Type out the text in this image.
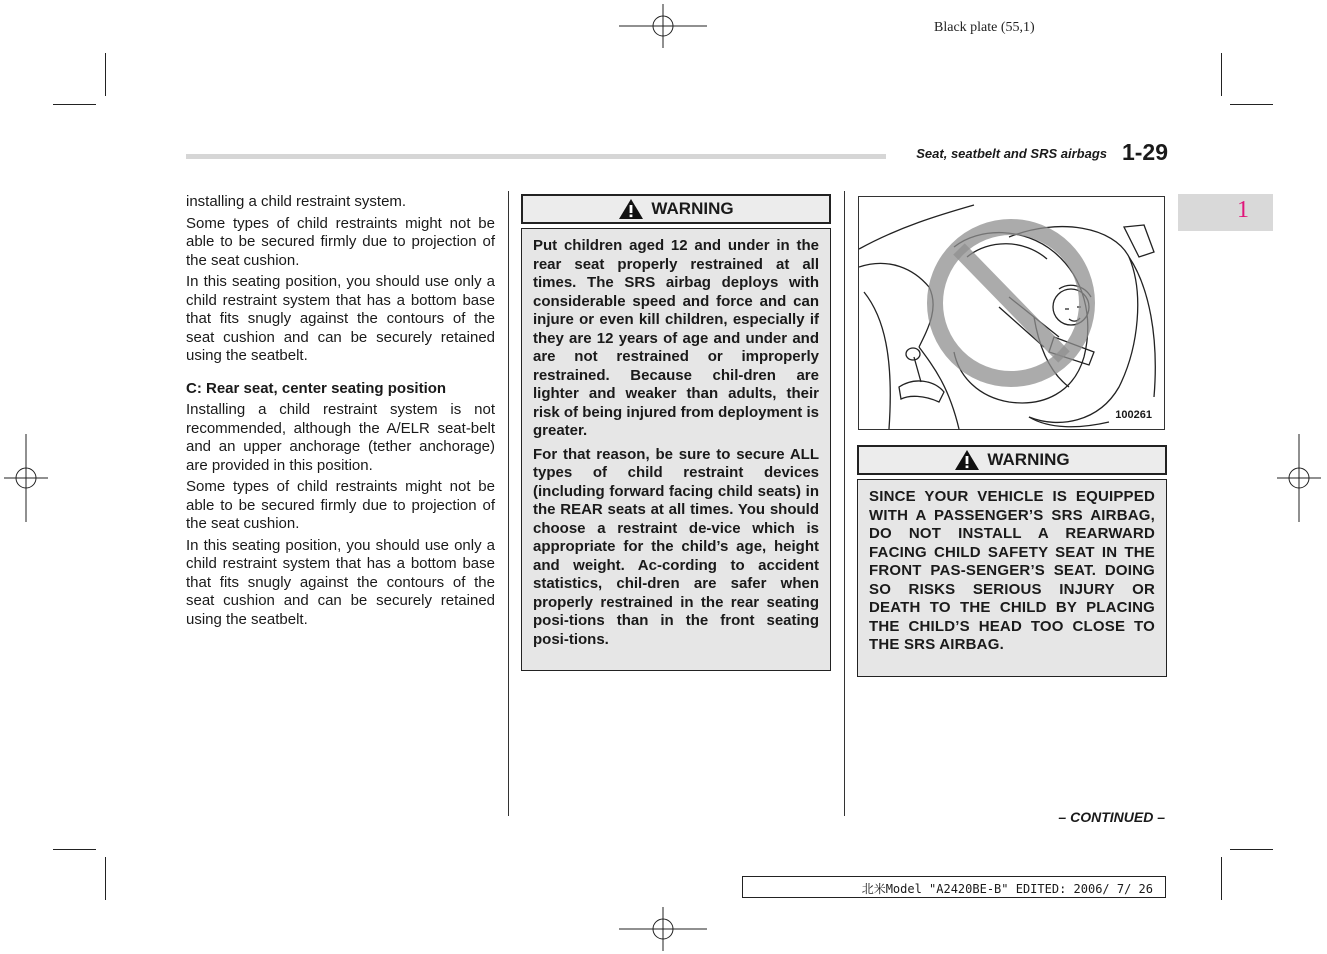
Black plate (55,1)
Seat, seatbelt and SRS airbags 1-29
1

installing a child restraint system.

Some types of child restraints might not be able to be secured firmly due to projection of the seat cushion.

In this seating position, you should use only a child restraint system that has a bottom base that fits snugly against the contours of the seat cushion and can be securely retained using the seatbelt.

C: Rear seat, center seating position

Installing a child restraint system is not recommended, although the A/ELR seat-belt and an upper anchorage (tether anchorage) are provided in this position.

Some types of child restraints might not be able to be secured firmly due to projection of the seat cushion.

In this seating position, you should use only a child restraint system that has a bottom base that fits snugly against the contours of the seat cushion and can be securely retained using the seatbelt.

WARNING

Put children aged 12 and under in the rear seat properly restrained at all times. The SRS airbag deploys with considerable speed and force and can injure or even kill children, especially if they are 12 years of age and under and are not restrained or improperly restrained. Because chil-dren are lighter and weaker than adults, their risk of being injured from deployment is greater.

For that reason, be sure to secure ALL types of child restraint devices (including forward facing child seats) in the REAR seats at all times. You should choose a restraint de-vice which is appropriate for the child’s age, height and weight. Ac-cording to accident statistics, chil-dren are safer when properly restrained in the rear seating posi-tions than in the front seating posi-tions.

100261
WARNING

SINCE YOUR VEHICLE IS EQUIPPED WITH A PASSENGER’S SRS AIRBAG, DO NOT INSTALL A REARWARD FACING CHILD SAFETY SEAT IN THE FRONT PAS-SENGER’S SEAT. DOING SO RISKS SERIOUS INJURY OR DEATH TO THE CHILD BY PLACING THE CHILD’S HEAD TOO CLOSE TO THE SRS AIRBAG.

– CONTINUED –
北米Model "A2420BE-B" EDITED: 2006/ 7/ 26
